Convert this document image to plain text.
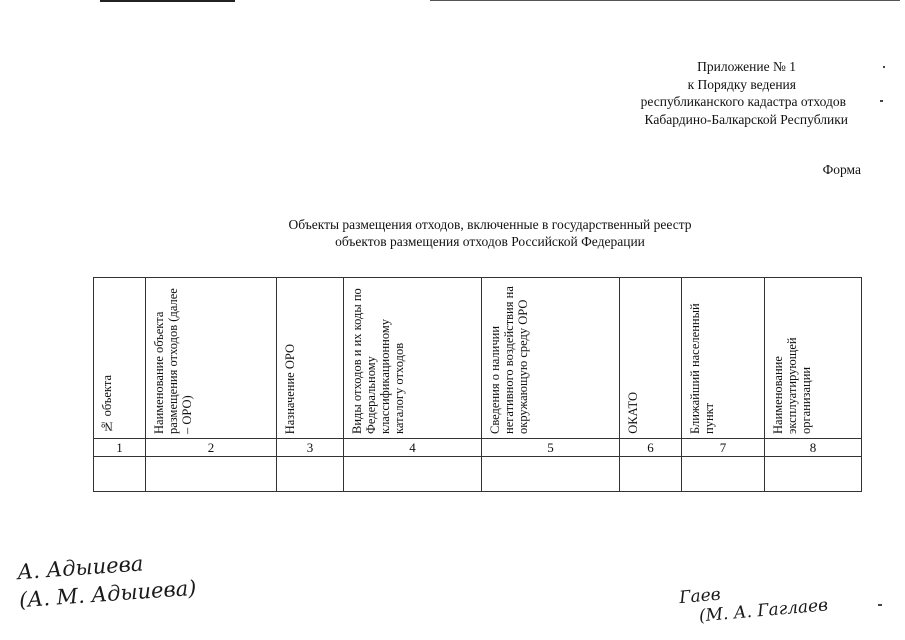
Приложение № 1
к Порядку ведения
республиканского кадастра отходов
Кабардино-Балкарской Республики
Форма
Объекты размещения отходов, включенные в государственный реестр
объектов размещения отходов Российской Федерации
№ объекта	Наименование объекта размещения отходов (далее – ОРО)	Назначение ОРО	Виды отходов и их коды по Федеральному классификационному каталогу отходов	Сведения о наличии негативного воздействия на окружающую среду ОРО	ОКАТО	Ближайший населенный пункт	Наименование эксплуатирующей организации

1	2	3	4	5	6	7	8

А. Адыиева
(А. М. Адыиева)	Гаев
(М. А. Гаглаев
